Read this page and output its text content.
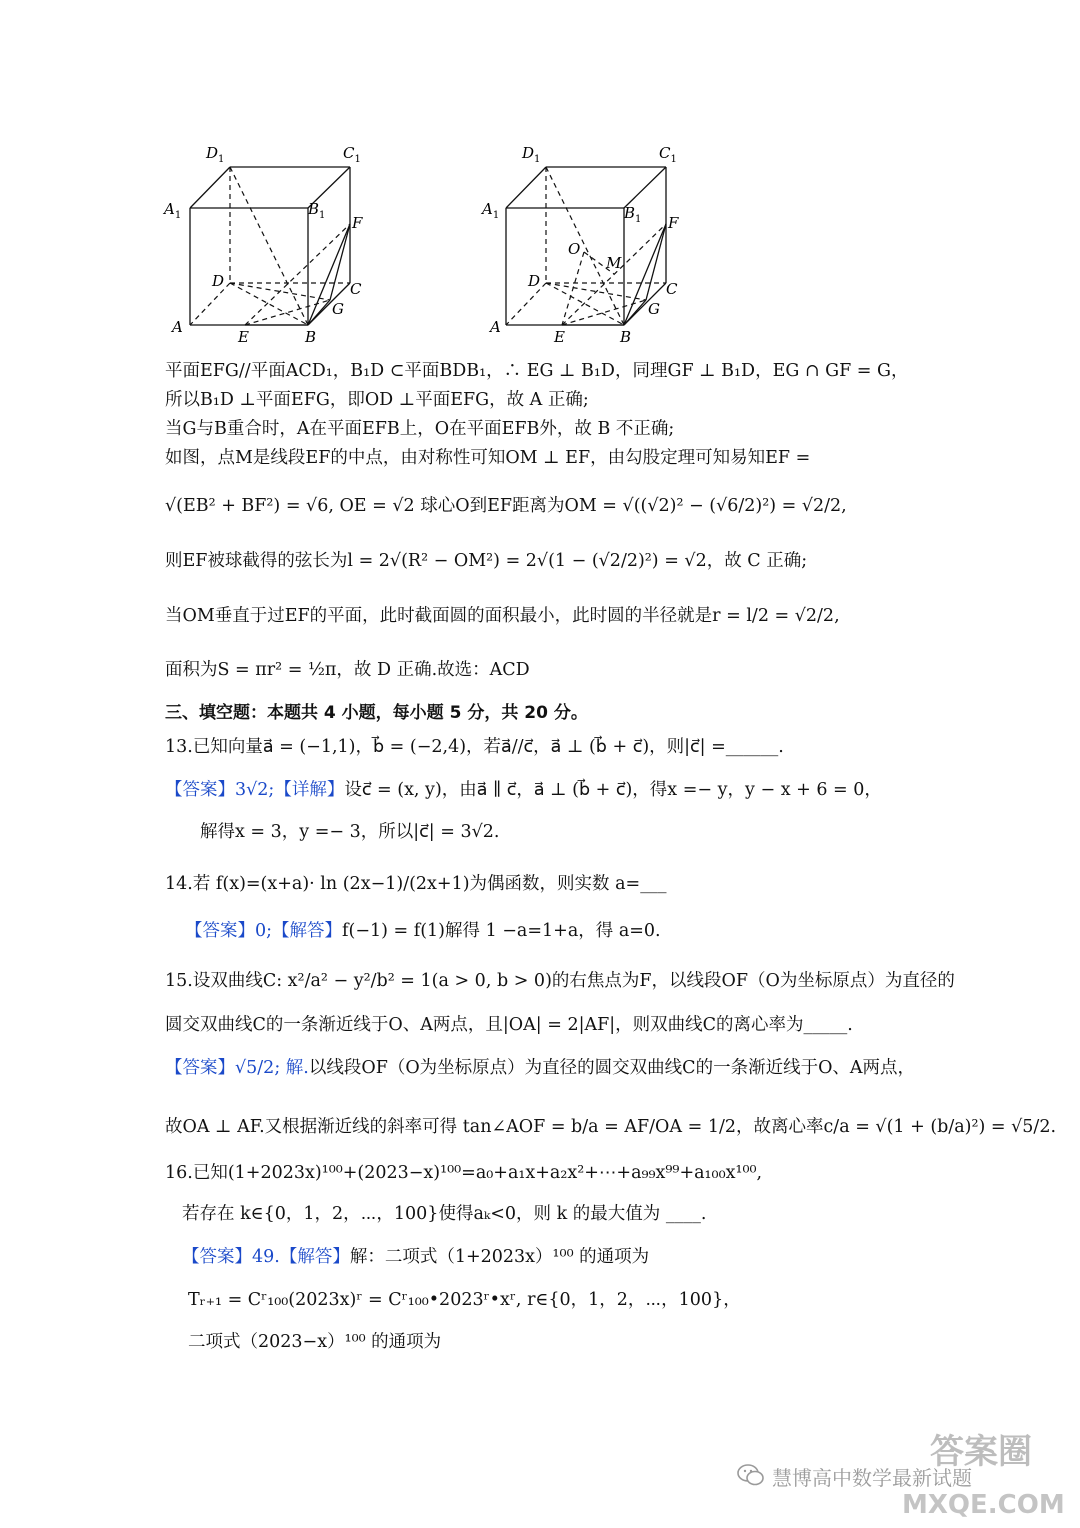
$D_1$	$C_1$
$A_1$	$B_1$ F
D	C
G
A
E	B
$D_1$	$C_1$
$A_1$	$B_1$ F
O
M
D	C
G
A
E	B
平面EFG//平面ACD₁，B₁D ⊂平面BDB₁，∴ EG ⊥ B₁D，同理GF ⊥ B₁D，EG ∩ GF = G，
所以B₁D ⊥平面EFG，即OD ⊥平面EFG，故 A 正确;
当G与B重合时，A在平面EFB上，O在平面EFB外，故 B 不正确;
如图，点M是线段EF的中点，由对称性可知OM ⊥ EF，由勾股定理可知易知EF =
√(EB² + BF²) = √6, OE = √2 球心O到EF距离为OM = √((√2)² − (√6/2)²) = √2/2,
则EF被球截得的弦长为l = 2√(R² − OM²) = 2√(1 − (√2/2)²) = √2，故 C 正确;
当OM垂直于过EF的平面，此时截面圆的面积最小，此时圆的半径就是r = l/2 = √2/2,
面积为S = πr² = ½π，故 D 正确.故选：ACD
三、填空题：本题共 4 小题，每小题 5 分，共 20 分。
13.已知向量a⃗ = (−1,1)，b⃗ = (−2,4)，若a⃗//c⃗，a⃗ ⊥ (b⃗ + c⃗)，则|c⃗| =______.
【答案】3√2;【详解】设c⃗ = (x, y)，由a⃗ ∥ c⃗，a⃗ ⊥ (b⃗ + c⃗)，得x =− y，y − x + 6 = 0，
解得x = 3，y =− 3，所以|c⃗| = 3√2.
14.若 f(x)=(x+a)· ln (2x−1)/(2x+1)为偶函数，则实数 a=___
【答案】0;【解答】f(−1) = f(1)解得 1 −a=1+a，得 a=0.
15.设双曲线C: x²/a² − y²/b² = 1(a > 0, b > 0)的右焦点为F，以线段OF（O为坐标原点）为直径的
圆交双曲线C的一条渐近线于O、A两点，且|OA| = 2|AF|，则双曲线C的离心率为_____.
【答案】√5/2; 解.以线段OF（O为坐标原点）为直径的圆交双曲线C的一条渐近线于O、A两点，
故OA ⊥ AF.又根据渐近线的斜率可得 tan∠AOF = b/a = AF/OA = 1/2，故离心率c/a = √(1 + (b/a)²) = √5/2.
16.已知(1+2023x)¹⁰⁰+(2023−x)¹⁰⁰=a₀+a₁x+a₂x²+⋯+a₉₉x⁹⁹+a₁₀₀x¹⁰⁰,
若存在 k∈{0，1，2，⋯，100}使得aₖ<0，则 k 的最大值为 ____.
【答案】49.【解答】解：二项式（1+2023x）¹⁰⁰ 的通项为
Tᵣ₊₁ = Cʳ₁₀₀(2023x)ʳ = Cʳ₁₀₀•2023ʳ•xʳ, r∈{0，1，2，⋯，100}，
二项式（2023−x）¹⁰⁰ 的通项为
慧博高中数学最新试题
答案圈
MXQE.COM
